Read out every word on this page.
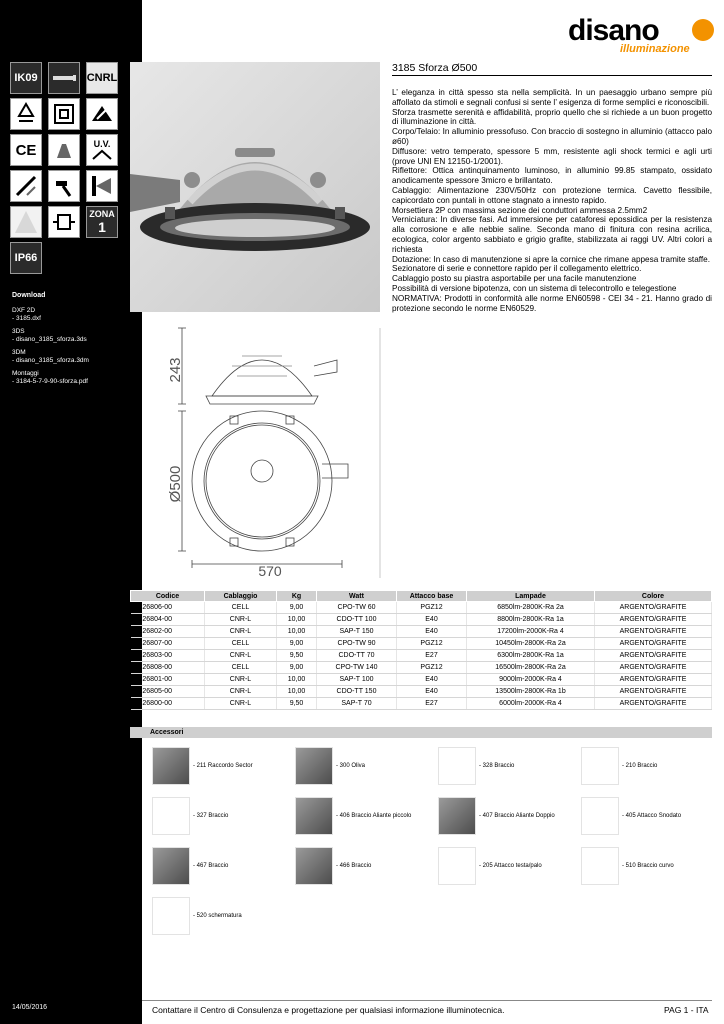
IK09	CNRL
CE	U.V.
ZONA
1
IP66
Download
DXF 2D
- 3185.dxf
3DS
- disano_3185_sforza.3ds
3DM
- disano_3185_sforza.3dm
Montaggi
- 3184-5-7-9-90-sforza.pdf
14/05/2016
disano
illuminazione
3185 Sforza Ø500

L’ eleganza in città spesso sta nella semplicità. In un paesaggio urbano sempre più affollato da stimoli e segnali confusi si sente l’ esigenza di forme semplici e riconoscibili.

Sforza trasmette serenità e affidabilità, proprio quello che si richiede a un buon progetto di illuminazione in città.

Corpo/Telaio: In alluminio pressofuso. Con braccio di sostegno in alluminio (attacco palo ø60)

Diffusore: vetro temperato, spessore 5 mm, resistente agli shock termici e agli urti (prove UNI EN 12150-1/2001).

Riflettore: Ottica antinquinamento luminoso, in alluminio 99.85 stampato, ossidato anodicamente spessore 3micro e brillantato.

Cablaggio: Alimentazione 230V/50Hz con protezione termica. Cavetto flessibile, capicordato con puntali in ottone stagnato a innesto rapido.

Morsettiera 2P con massima sezione dei conduttori ammessa 2.5mm2

Verniciatura: In diverse fasi. Ad immersione per cataforesi epossidica per la resistenza alla corrosione e alle nebbie saline. Seconda mano di finitura con resina acrilica, ecologica, color argento sabbiato e grigio grafite, stabilizzata ai raggi UV. Altri colori a richiesta

Dotazione: In caso di manutenzione si apre la cornice che rimane appesa tramite staffe.

Sezionatore di serie e connettore rapido per il collegamento elettrico.

Cablaggio posto su piastra asportabile per una facile manutenzione

Possibilità di versione bipotenza, con un sistema di telecontrollo e telegestione

NORMATIVA: Prodotti in conformità alle norme EN60598 - CEI 34 - 21. Hanno grado di protezione secondo le norme EN60529.

243
Ø500
570
Codice	Cablaggio	Kg	Watt	Attacco base	Lampade	Colore
326806-00	CELL	9,00	CPO-TW 60	PGZ12	6850lm-2800K-Ra 2a	ARGENTO/GRAFITE
326804-00	CNR-L	10,00	CDO-TT 100	E40	8800lm-2800K-Ra 1a	ARGENTO/GRAFITE
326802-00	CNR-L	10,00	SAP-T 150	E40	17200lm-2000K-Ra 4	ARGENTO/GRAFITE
326807-00	CELL	9,00	CPO-TW 90	PGZ12	10450lm-2800K-Ra 2a	ARGENTO/GRAFITE
326803-00	CNR-L	9,50	CDO-TT 70	E27	6300lm-2800K-Ra 1a	ARGENTO/GRAFITE
326808-00	CELL	9,00	CPO-TW 140	PGZ12	16500lm-2800K-Ra 2a	ARGENTO/GRAFITE
326801-00	CNR-L	10,00	SAP-T 100	E40	9000lm-2000K-Ra 4	ARGENTO/GRAFITE
326805-00	CNR-L	10,00	CDO-TT 150	E40	13500lm-2800K-Ra 1b	ARGENTO/GRAFITE
326800-00	CNR-L	9,50	SAP-T 70	E27	6000lm-2000K-Ra 4	ARGENTO/GRAFITE
Accessori
- 211 Raccordo Sector	- 300 Oliva	- 328 Braccio	- 210 Braccio
- 327 Braccio	- 406 Braccio Aliante piccolo	- 407 Braccio Aliante Doppio	- 405 Attacco Snodato
- 467 Braccio	- 466 Braccio	- 205 Attacco testa/palo	- 510 Braccio curvo
- 520 schermatura
Contattare il Centro di Consulenza e progettazione per qualsiasi informazione illuminotecnica.	PAG 1 - ITA
